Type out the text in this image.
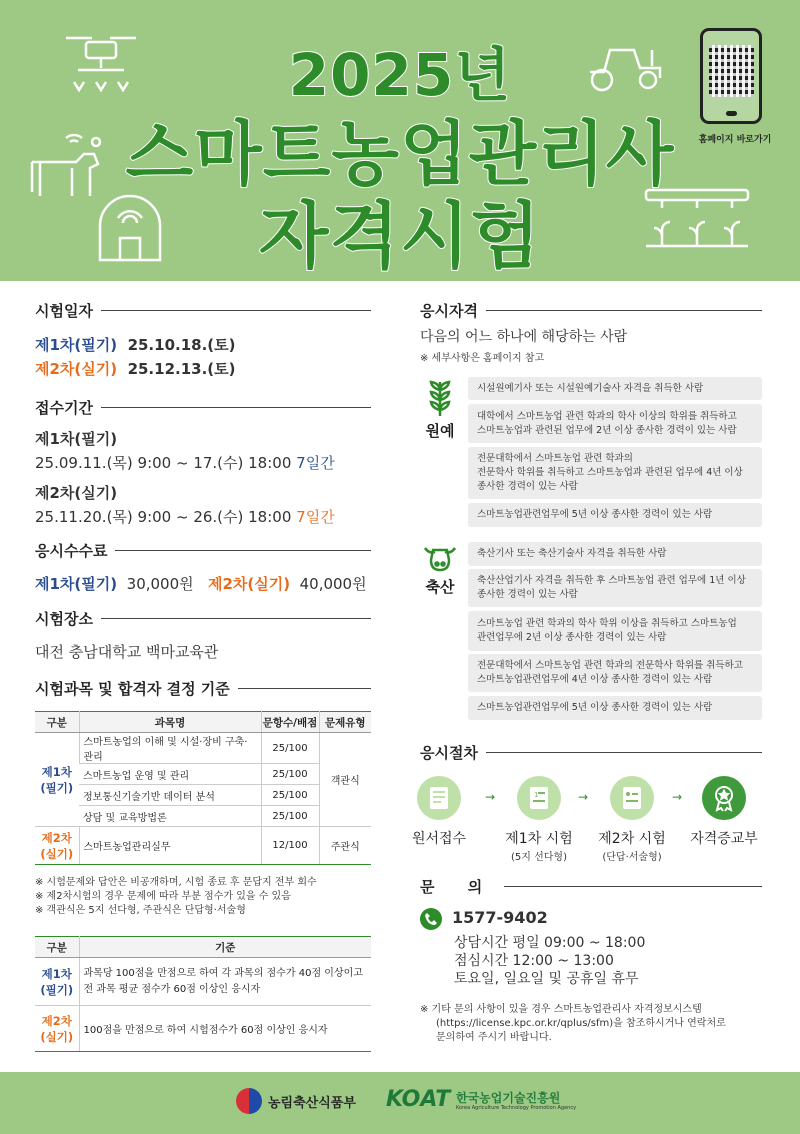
2025년
스마트농업관리사
자격시험
홈페이지 바로가기
시험일자
제1차(필기) 25.10.18.(토)
제2차(실기) 25.12.13.(토)
접수기간
제1차(필기)
25.09.11.(목) 9:00 ~ 17.(수) 18:00 7일간
제2차(실기)
25.11.20.(목) 9:00 ~ 26.(수) 18:00 7일간
응시수수료
제1차(필기) 30,000원 제2차(실기) 40,000원
시험장소
대전 충남대학교 백마교육관
시험과목 및 합격자 결정 기준
구분	과목명	문항수/배점	문제유형
제1차
(필기)	스마트농업의 이해 및 시설·장비 구축·관리	25/100	객관식
	스마트농업 운영 및 관리	25/100	
	정보통신기술기반 데이터 분석	25/100	
	상담 및 교육방법론	25/100	
제2차
(실기)	스마트농업관리실무	12/100	주관식
※ 시험문제와 답안은 비공개하며, 시험 종료 후 문답지 전부 회수
※ 제2차시험의 경우 문제에 따라 부분 점수가 있을 수 있음
※ 객관식은 5지 선다형, 주관식은 단답형·서술형
구분	기준
제1차
(필기)	과목당 100점을 만점으로 하여 각 과목의 점수가 40점 이상이고
전 과목 평균 점수가 60점 이상인 응시자
제2차
(실기)	100점을 만점으로 하여 시험점수가 60점 이상인 응시자
응시자격
다음의 어느 하나에 해당하는 사람
※ 세부사항은 홈페이지 참고
원예
시설원예기사 또는 시설원예기술사 자격을 취득한 사람
대학에서 스마트농업 관련 학과의 학사 이상의 학위를 취득하고
스마트농업과 관련된 업무에 2년 이상 종사한 경력이 있는 사람
전문대학에서 스마트농업 관련 학과의
전문학사 학위를 취득하고 스마트농업과 관련된 업무에 4년 이상
종사한 경력이 있는 사람
스마트농업관련업무에 5년 이상 종사한 경력이 있는 사람
축산
축산기사 또는 축산기술사 자격을 취득한 사람
축산산업기사 자격을 취득한 후 스마트농업 관련 업무에 1년 이상
종사한 경력이 있는 사람
스마트농업 관련 학과의 학사 학위 이상을 취득하고 스마트농업
관련업무에 2년 이상 종사한 경력이 있는 사람
전문대학에서 스마트농업 관련 학과의 전문학사 학위를 취득하고
스마트농업관련업무에 4년 이상 종사한 경력이 있는 사람
스마트농업관련업무에 5년 이상 종사한 경력이 있는 사람
응시절차
원서접수
→	1
제1차 시험
(5지 선다형)
→
제2차 시험
(단답·서술형)
→
자격증교부
문 의
1577-9402
상담시간 평일 09:00 ~ 18:00
점심시간 12:00 ~ 13:00
토요일, 일요일 및 공휴일 휴무
※ 기타 문의 사항이 있을 경우 스마트농업관리사 자격정보시스템
(https://license.kpc.or.kr/qplus/sfm)을 참조하시거나 연락처로
문의하여 주시기 바랍니다.
농림축산식품부 KOAT 한국농업기술진흥원
Korea Agriculture Technology Promotion Agency
